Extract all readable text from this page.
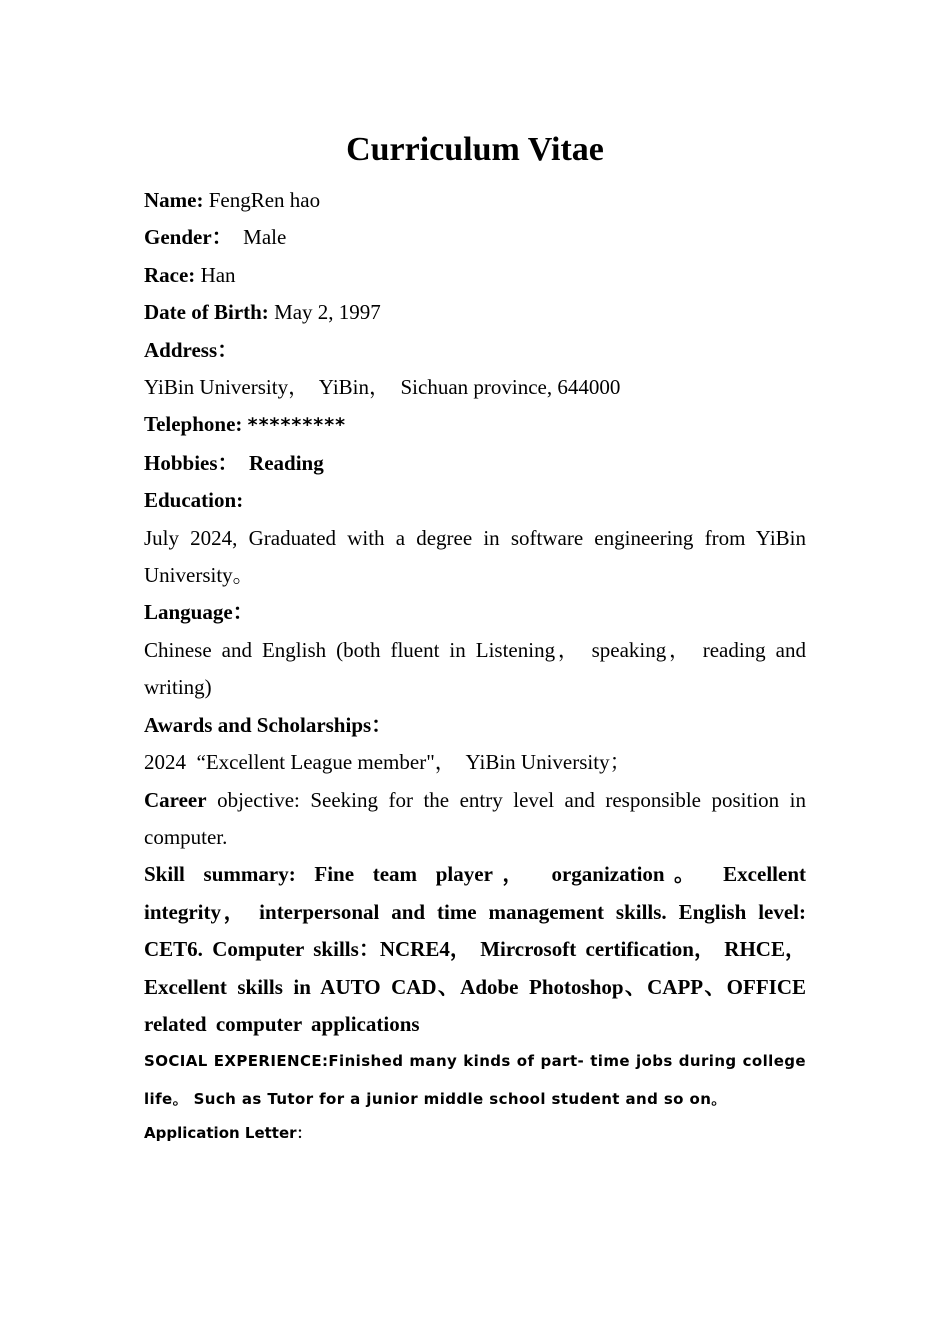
Curriculum Vitae

Name: FengRen hao

Gender：  Male

Race: Han

Date of Birth: May 2, 1997

Address：

YiBin University，  YiBin，  Sichuan province, 644000

Telephone: *********

Hobbies：  Reading

Education:

July 2024, Graduated with a degree in software engineering from YiBin University。

Language：

Chinese and English (both fluent in Listening， speaking， reading and writing)

Awards and Scholarships：

2024  “Excellent League member"，  YiBin University；

Career objective: Seeking for the entry level and responsible position in computer.

Skill summary: Fine team player， organization。 Excellent integrity， interpersonal and time management skills. English level: CET6. Computer skills：NCRE4， Mircrosoft certification， RHCE， Excellent skills in AUTO CAD、Adobe Photoshop、CAPP、OFFICE related computer applications

SOCIAL EXPERIENCE:Finished many kinds of part- time jobs during college life。 Such as Tutor for a junior middle school student and so on。

Application Letter：
